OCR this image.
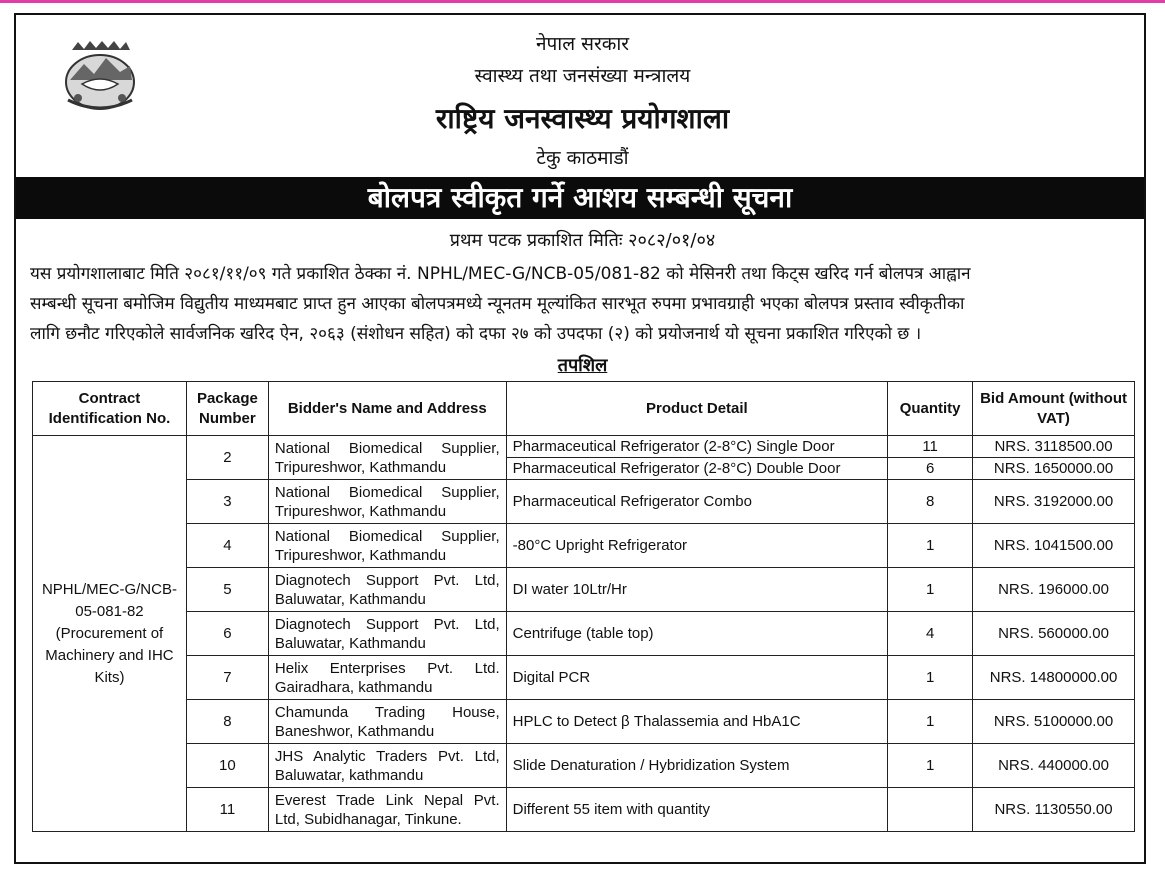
नेपाल सरकार
स्वास्थ्य तथा जनसंख्या मन्त्रालय
राष्ट्रिय जनस्वास्थ्य प्रयोगशाला
टेकु काठमाडौं
बोलपत्र स्वीकृत गर्ने आशय सम्बन्धी सूचना
प्रथम पटक प्रकाशित मितिः २०८२/०१/०४
यस प्रयोगशालाबाट मिति २०८१/११/०९ गते प्रकाशित ठेक्का नं. NPHL/MEC-G/NCB-05/081-82 को मेसिनरी तथा किट्स खरिद गर्न बोलपत्र आह्वान
सम्बन्धी सूचना बमोजिम विद्युतीय माध्यमबाट प्राप्त हुन आएका बोलपत्रमध्ये न्यूनतम मूल्यांकित सारभूत रुपमा प्रभावग्राही भएका बोलपत्र प्रस्ताव स्वीकृतीका
लागि छनौट गरिएकोले सार्वजनिक खरिद ऐन, २०६३ (संशोधन सहित) को दफा २७ को उपदफा (२) को प्रयोजनार्थ यो सूचना प्रकाशित गरिएको छ ।
तपशिल
Contract Identification No.	Package Number	Bidder's Name and Address	Product Detail	Quantity	Bid Amount (without VAT)
NPHL/MEC-G/NCB-05-081-82 (Procurement of Machinery and IHC Kits)	2	National Biomedical Supplier, Tripureshwor, Kathmandu	Pharmaceutical Refrigerator (2-8°C) Single Door	11	NRS. 3118500.00
			Pharmaceutical Refrigerator (2-8°C) Double Door	6	NRS. 1650000.00
	3	National Biomedical Supplier, Tripureshwor, Kathmandu	Pharmaceutical Refrigerator Combo	8	NRS. 3192000.00
	4	National Biomedical Supplier, Tripureshwor, Kathmandu	-80°C Upright Refrigerator	1	NRS. 1041500.00
	5	Diagnotech Support Pvt. Ltd, Baluwatar, Kathmandu	DI water 10Ltr/Hr	1	NRS. 196000.00
	6	Diagnotech Support Pvt. Ltd, Baluwatar, Kathmandu	Centrifuge (table top)	4	NRS. 560000.00
	7	Helix Enterprises Pvt. Ltd. Gairadhara, kathmandu	Digital PCR	1	NRS. 14800000.00
	8	Chamunda Trading House, Baneshwor, Kathmandu	HPLC to Detect β Thalassemia and HbA1C	1	NRS. 5100000.00
	10	JHS Analytic Traders Pvt. Ltd, Baluwatar, kathmandu	Slide Denaturation / Hybridization System	1	NRS. 440000.00
	11	Everest Trade Link Nepal Pvt. Ltd, Subidhanagar, Tinkune.	Different 55 item with quantity		NRS. 1130550.00
